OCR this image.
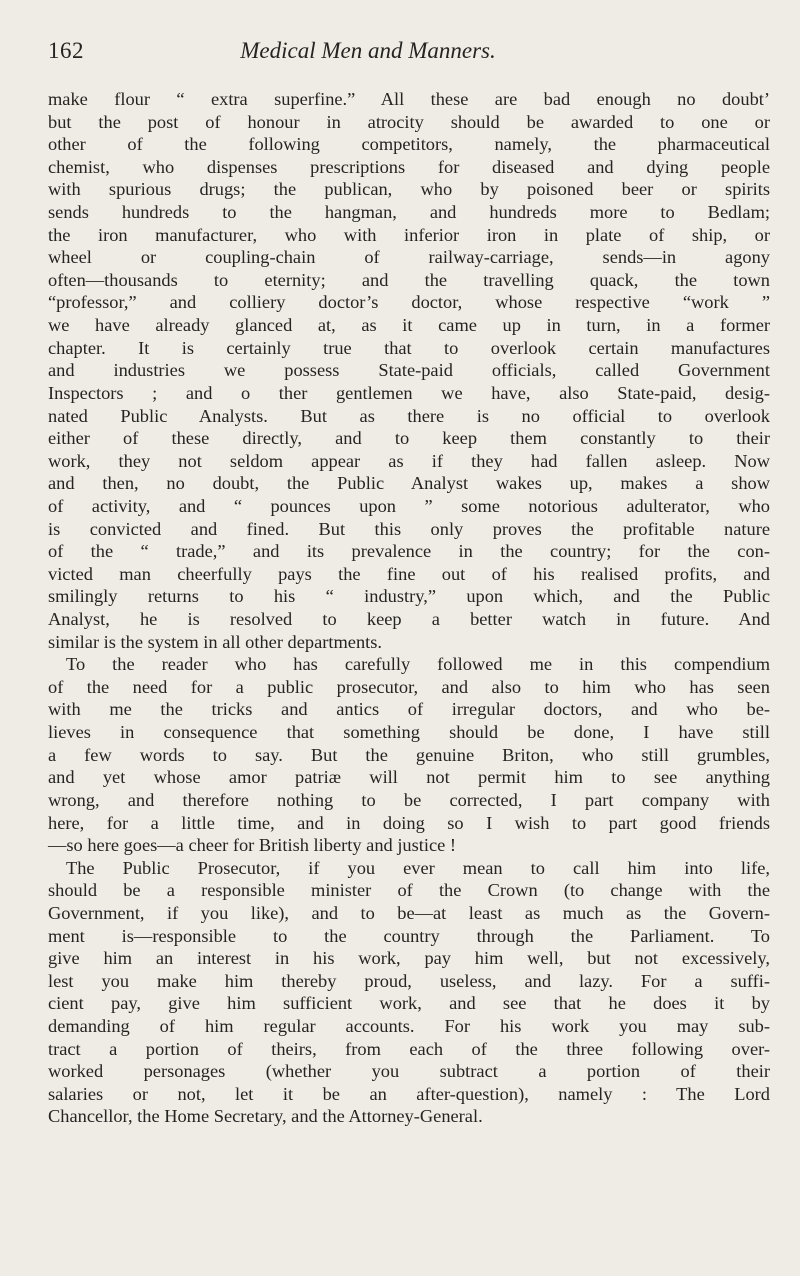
162	Medical Men and Manners.
make flour “ extra superfine.” All these are bad enough no doubt’
but the post of honour in atrocity should be awarded to one or
other of the following competitors, namely, the pharmaceutical
chemist, who dispenses prescriptions for diseased and dying people
with spurious drugs; the publican, who by poisoned beer or spirits
sends hundreds to the hangman, and hundreds more to Bedlam;
the iron manufacturer, who with inferior iron in plate of ship, or
wheel or coupling-chain of railway-carriage, sends—in agony
often—thousands to eternity; and the travelling quack, the town
“professor,” and colliery doctor’s doctor, whose respective “work ”
we have already glanced at, as it came up in turn, in a former
chapter. It is certainly true that to overlook certain manufactures
and industries we possess State-paid officials, called Government
Inspectors ; and o ther gentlemen we have, also State-paid, desig-
nated Public Analysts. But as there is no official to overlook
either of these directly, and to keep them constantly to their
work, they not seldom appear as if they had fallen asleep. Now
and then, no doubt, the Public Analyst wakes up, makes a show
of activity, and “ pounces upon ” some notorious adulterator, who
is convicted and fined. But this only proves the profitable nature
of the “ trade,” and its prevalence in the country; for the con-
victed man cheerfully pays the fine out of his realised profits, and
smilingly returns to his “ industry,” upon which, and the Public
Analyst, he is resolved to keep a better watch in future. And
similar is the system in all other departments.
To the reader who has carefully followed me in this compendium
of the need for a public prosecutor, and also to him who has seen
with me the tricks and antics of irregular doctors, and who be-
lieves in consequence that something should be done, I have still
a few words to say. But the genuine Briton, who still grumbles,
and yet whose amor patriæ will not permit him to see anything
wrong, and therefore nothing to be corrected, I part company with
here, for a little time, and in doing so I wish to part good friends
—so here goes—a cheer for British liberty and justice !
The Public Prosecutor, if you ever mean to call him into life,
should be a responsible minister of the Crown (to change with the
Government, if you like), and to be—at least as much as the Govern-
ment is—responsible to the country through the Parliament. To
give him an interest in his work, pay him well, but not excessively,
lest you make him thereby proud, useless, and lazy. For a suffi-
cient pay, give him sufficient work, and see that he does it by
demanding of him regular accounts. For his work you may sub-
tract a portion of theirs, from each of the three following over-
worked personages (whether you subtract a portion of their
salaries or not, let it be an after-question), namely : The Lord
Chancellor, the Home Secretary, and the Attorney-General.
